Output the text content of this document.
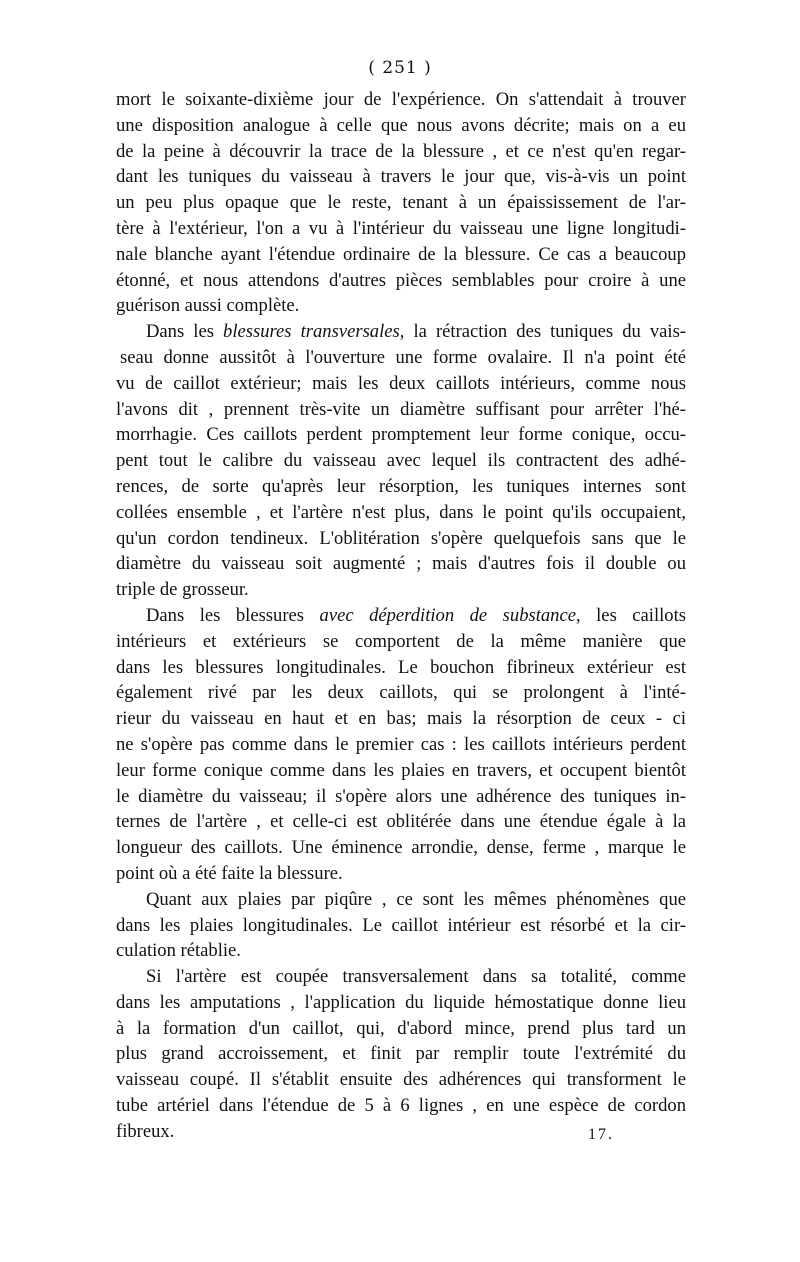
( 251 )
mort le soixante-dixième jour de l'expérience. On s'attendait à trouver
une disposition analogue à celle que nous avons décrite; mais on a eu
de la peine à découvrir la trace de la blessure , et ce n'est qu'en regar-
dant les tuniques du vaisseau à travers le jour que, vis-à-vis un point
un peu plus opaque que le reste, tenant à un épaississement de l'ar-
tère à l'extérieur, l'on a vu à l'intérieur du vaisseau une ligne longitudi-
nale blanche ayant l'étendue ordinaire de la blessure. Ce cas a beaucoup
étonné, et nous attendons d'autres pièces semblables pour croire à une
guérison aussi complète.
Dans les blessures transversales, la rétraction des tuniques du vais-
seau donne aussitôt à l'ouverture une forme ovalaire. Il n'a point été
vu de caillot extérieur; mais les deux caillots intérieurs, comme nous
l'avons dit , prennent très-vite un diamètre suffisant pour arrêter l'hé-
morrhagie. Ces caillots perdent promptement leur forme conique, occu-
pent tout le calibre du vaisseau avec lequel ils contractent des adhé-
rences, de sorte qu'après leur résorption, les tuniques internes sont
collées ensemble , et l'artère n'est plus, dans le point qu'ils occupaient,
qu'un cordon tendineux. L'oblitération s'opère quelquefois sans que le
diamètre du vaisseau soit augmenté ; mais d'autres fois il double ou
triple de grosseur.
Dans les blessures avec déperdition de substance, les caillots
intérieurs et extérieurs se comportent de la même manière que
dans les blessures longitudinales. Le bouchon fibrineux extérieur est
également rivé par les deux caillots, qui se prolongent à l'inté-
rieur du vaisseau en haut et en bas; mais la résorption de ceux - ci
ne s'opère pas comme dans le premier cas : les caillots intérieurs perdent
leur forme conique comme dans les plaies en travers, et occupent bientôt
le diamètre du vaisseau; il s'opère alors une adhérence des tuniques in-
ternes de l'artère , et celle-ci est oblitérée dans une étendue égale à la
longueur des caillots. Une éminence arrondie, dense, ferme , marque le
point où a été faite la blessure.
Quant aux plaies par piqûre , ce sont les mêmes phénomènes que
dans les plaies longitudinales. Le caillot intérieur est résorbé et la cir-
culation rétablie.
Si l'artère est coupée transversalement dans sa totalité, comme
dans les amputations , l'application du liquide hémostatique donne lieu
à la formation d'un caillot, qui, d'abord mince, prend plus tard un
plus grand accroissement, et finit par remplir toute l'extrémité du
vaisseau coupé. Il s'établit ensuite des adhérences qui transforment le
tube artériel dans l'étendue de 5 à 6 lignes , en une espèce de cordon
fibreux.	17.
